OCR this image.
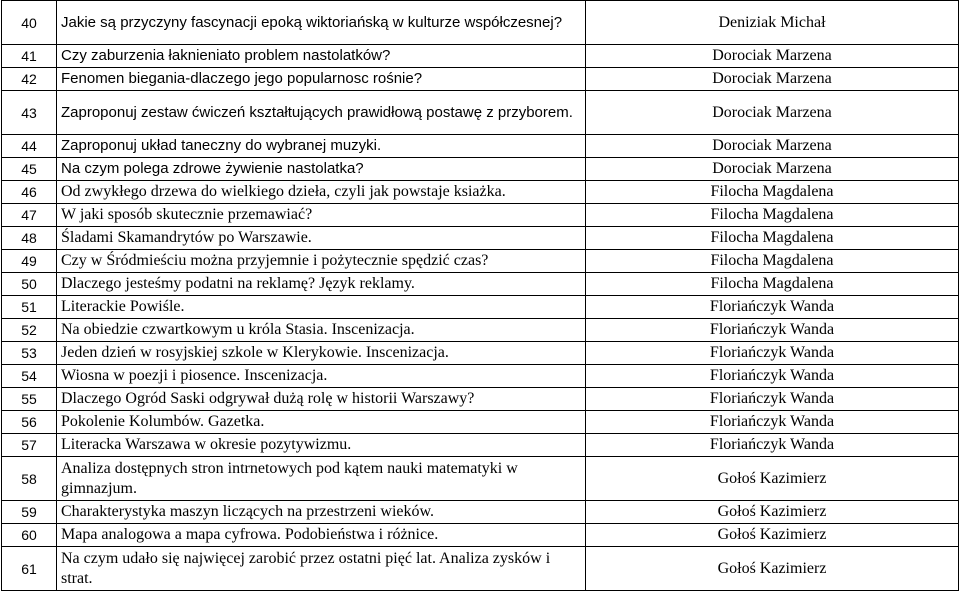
40	Jakie są przyczyny fascynacji epoką wiktoriańską w kulturze współczesnej?	Deniziak Michał
41	Czy zaburzenia łaknieniato problem nastolatków?	Dorociak Marzena
42	Fenomen biegania-dlaczego jego popularnosc rośnie?	Dorociak Marzena
43	Zaproponuj zestaw ćwiczeń kształtujących prawidłową postawę z przyborem.	Dorociak Marzena
44	Zaproponuj układ taneczny do wybranej muzyki.	Dorociak Marzena
45	Na czym polega zdrowe żywienie nastolatka?	Dorociak Marzena
46	Od zwykłego drzewa do wielkiego dzieła, czyli jak powstaje ksiażka.	Filocha Magdalena
47	W jaki sposób skutecznie przemawiać?	Filocha Magdalena
48	Śladami Skamandrytów po Warszawie.	Filocha Magdalena
49	Czy w Śródmieściu można przyjemnie i pożytecznie spędzić czas?	Filocha Magdalena
50	Dlaczego jesteśmy podatni na reklamę? Język reklamy.	Filocha Magdalena
51	Literackie Powiśle.	Floriańczyk Wanda
52	Na obiedzie czwartkowym u króla Stasia. Inscenizacja.	Floriańczyk Wanda
53	Jeden dzień w rosyjskiej szkole w Klerykowie. Inscenizacja.	Floriańczyk Wanda
54	Wiosna w poezji i piosence. Inscenizacja.	Floriańczyk Wanda
55	Dlaczego Ogród Saski odgrywał dużą rolę w historii Warszawy?	Floriańczyk Wanda
56	Pokolenie Kolumbów. Gazetka.	Floriańczyk Wanda
57	Literacka Warszawa w okresie pozytywizmu.	Floriańczyk Wanda
58	Analiza dostępnych stron intrnetowych pod kątem nauki matematyki w gimnazjum.	Gołoś Kazimierz
59	Charakterystyka maszyn liczących na przestrzeni wieków.	Gołoś Kazimierz
60	Mapa analogowa a mapa cyfrowa. Podobieństwa i różnice.	Gołoś Kazimierz
61	Na czym udało się najwięcej zarobić przez ostatni pięć lat. Analiza zysków i strat.	Gołoś Kazimierz
